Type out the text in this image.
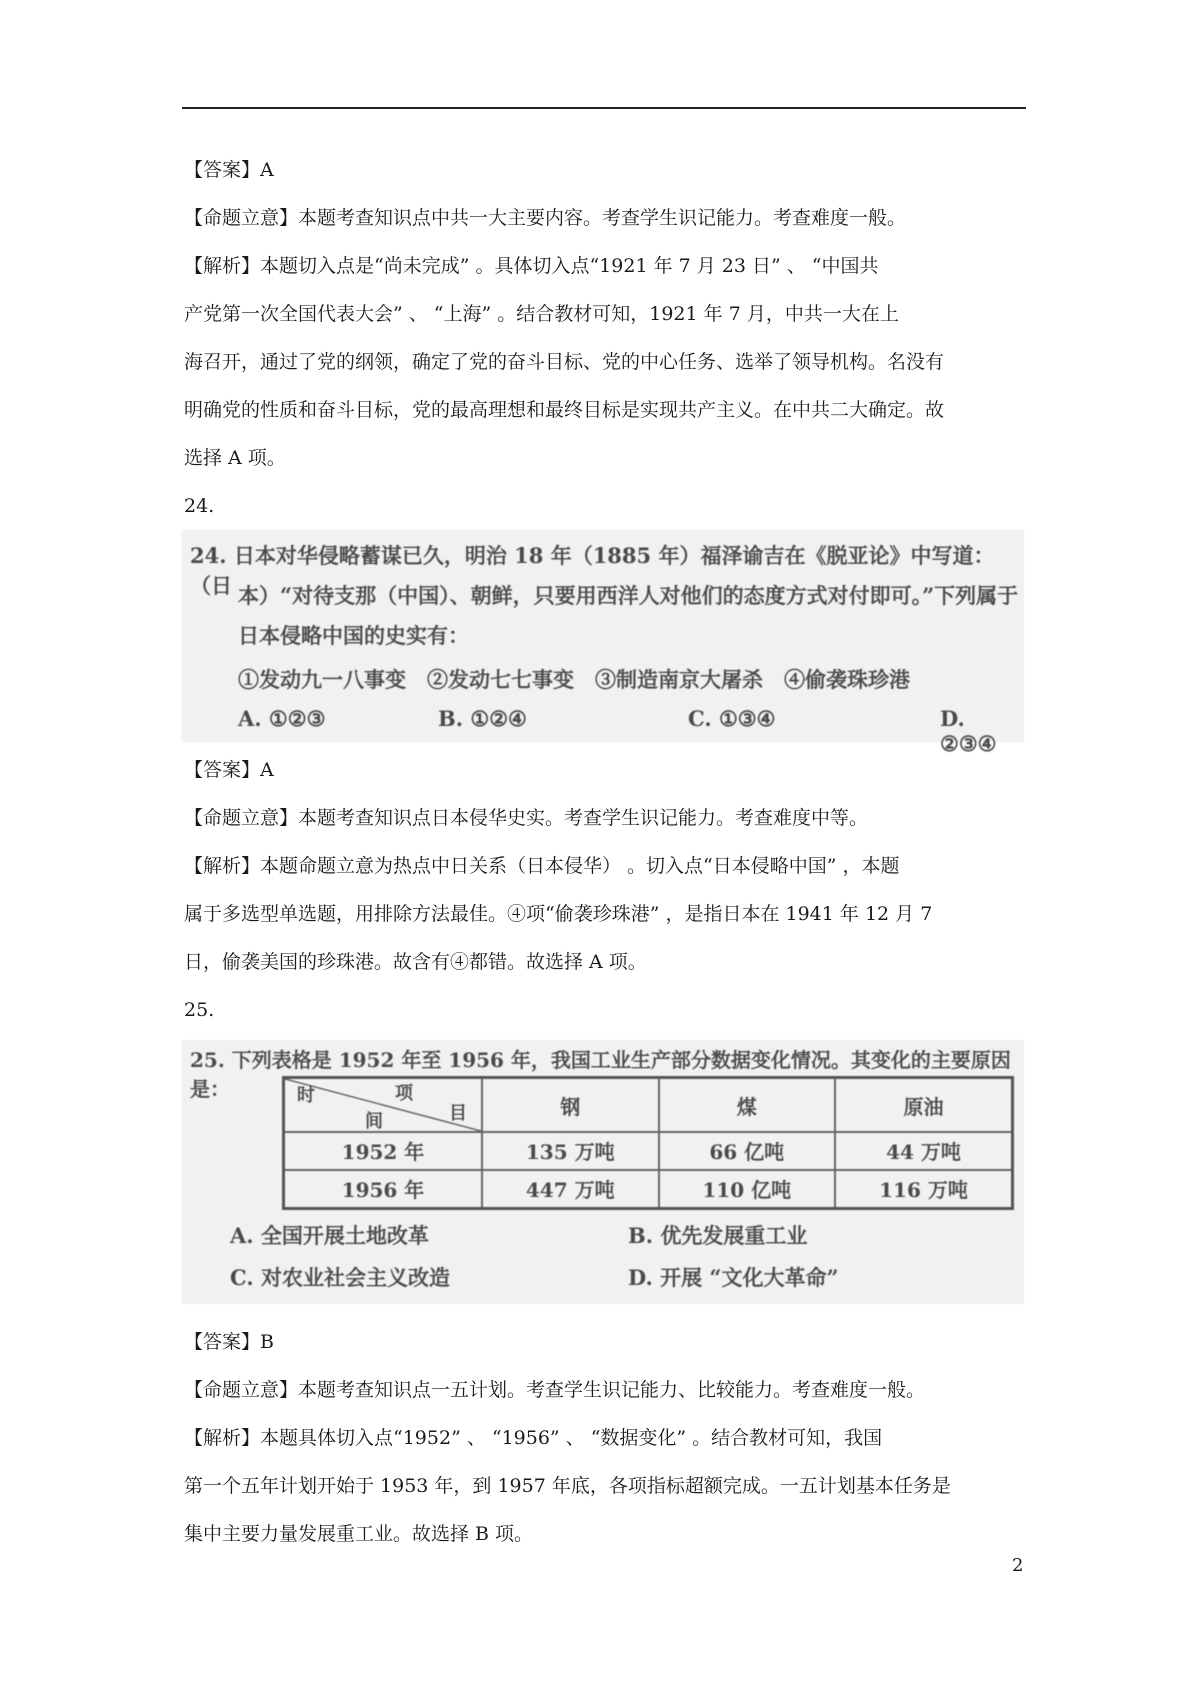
【答案】A

【命题立意】本题考查知识点中共一大主要内容。考查学生识记能力。考查难度一般。

【解析】本题切入点是“尚未完成” 。具体切入点“1921 年 7 月 23 日” 、 “中国共

产党第一次全国代表大会” 、 “上海” 。结合教材可知，1921 年 7 月，中共一大在上

海召开，通过了党的纲领，确定了党的奋斗目标、党的中心任务、选举了领导机构。名没有

明确党的性质和奋斗目标，党的最高理想和最终目标是实现共产主义。在中共二大确定。故

选择 A 项。

24.

24. 日本对华侵略蓄谋已久，明治 18 年（1885 年）福泽谕吉在《脱亚论》中写道：（日 本）“对待支那（中国）、朝鲜，只要用西洋人对他们的态度方式对付即可。”下列属于
日本侵略中国的史实有：
①发动九一八事变　②发动七七事变　③制造南京大屠杀　④偷袭珠珍港
A. ①②③	B. ①②④	C. ①③④	D. ②③④

【答案】A

【命题立意】本题考查知识点日本侵华史实。考查学生识记能力。考查难度中等。

【解析】本题命题立意为热点中日关系（日本侵华） 。切入点“日本侵略中国” ，本题

属于多选型单选题，用排除方法最佳。④项“偷袭珍珠港” ，是指日本在 1941 年 12 月 7

日，偷袭美国的珍珠港。故含有④都错。故选择 A 项。

25.

25. 下列表格是 1952 年至 1956 年，我国工业生产部分数据变化情况。其变化的主要原因是：	时 项
间 目	钢	煤	原油
1952 年	135 万吨	66 亿吨	44 万吨
1956 年	447 万吨	110 亿吨	116 万吨
A. 全国开展土地改革	B. 优先发展重工业
C. 对农业社会主义改造	D. 开展 “文化大革命”

【答案】B

【命题立意】本题考查知识点一五计划。考查学生识记能力、比较能力。考查难度一般。

【解析】本题具体切入点“1952” 、 “1956” 、 “数据变化” 。结合教材可知，我国

第一个五年计划开始于 1953 年，到 1957 年底，各项指标超额完成。一五计划基本任务是

集中主要力量发展重工业。故选择 B 项。

2
